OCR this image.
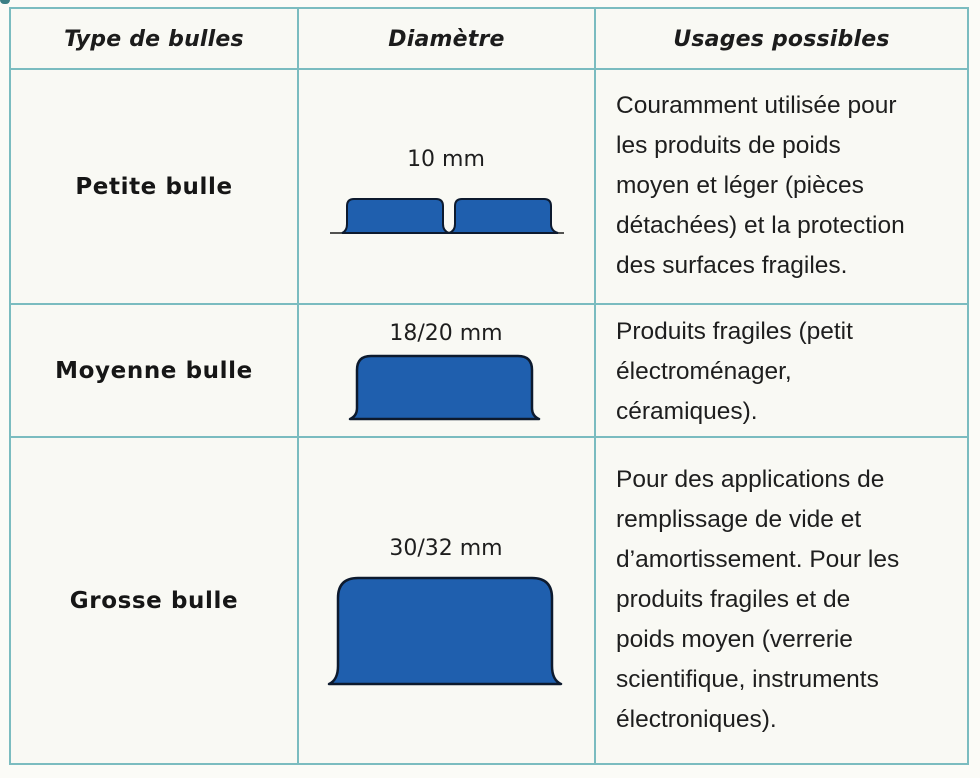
Type de bulles	Diamètre	Usages possibles
Petite bulle
Moyenne bulle
Grosse bulle
Couramment utilisée pour
les produits de poids
moyen et léger (pièces
détachées) et la protection
des surfaces fragiles.
Produits fragiles (petit
électroménager,
céramiques).
Pour des applications de
remplissage de vide et
d’amortissement. Pour les
produits fragiles et de
poids moyen (verrerie
scientifique, instruments
électroniques).
10 mm
18/20 mm
30/32 mm
